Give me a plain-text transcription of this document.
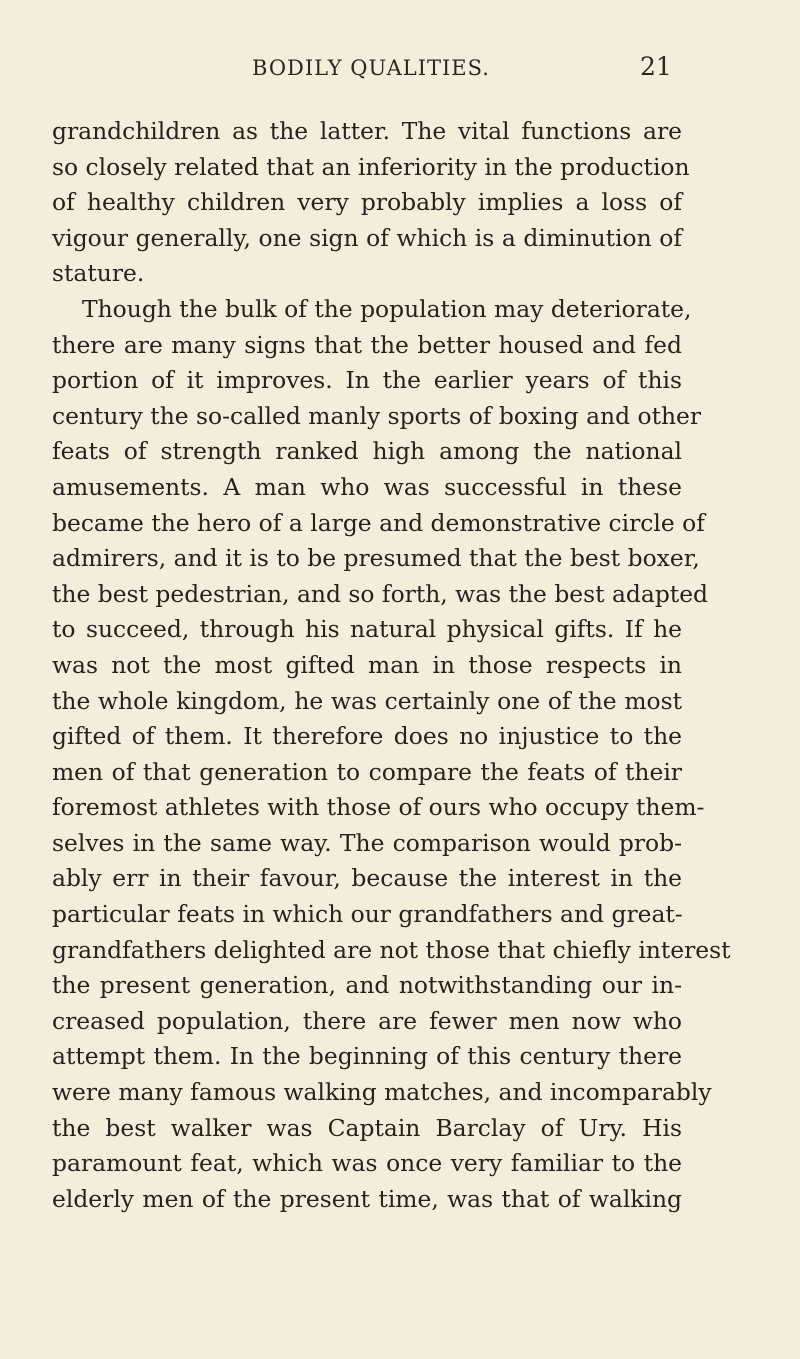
BODILY QUALITIES.	21
grandchildren as the latter. The vital functions are
so closely related that an inferiority in the production
of healthy children very probably implies a loss of
vigour generally, one sign of which is a diminution of
stature.
Though the bulk of the population may deteriorate,
there are many signs that the better housed and fed
portion of it improves. In the earlier years of this
century the so-called manly sports of boxing and other
feats of strength ranked high among the national
amusements. A man who was successful in these
became the hero of a large and demonstrative circle of
admirers, and it is to be presumed that the best boxer,
the best pedestrian, and so forth, was the best adapted
to succeed, through his natural physical gifts. If he
was not the most gifted man in those respects in
the whole kingdom, he was certainly one of the most
gifted of them. It therefore does no injustice to the
men of that generation to compare the feats of their
foremost athletes with those of ours who occupy them-
selves in the same way. The comparison would prob-
ably err in their favour, because the interest in the
particular feats in which our grandfathers and great-
grandfathers delighted are not those that chiefly interest
the present generation, and notwithstanding our in-
creased population, there are fewer men now who
attempt them. In the beginning of this century there
were many famous walking matches, and incomparably
the best walker was Captain Barclay of Ury. His
paramount feat, which was once very familiar to the
elderly men of the present time, was that of walking
